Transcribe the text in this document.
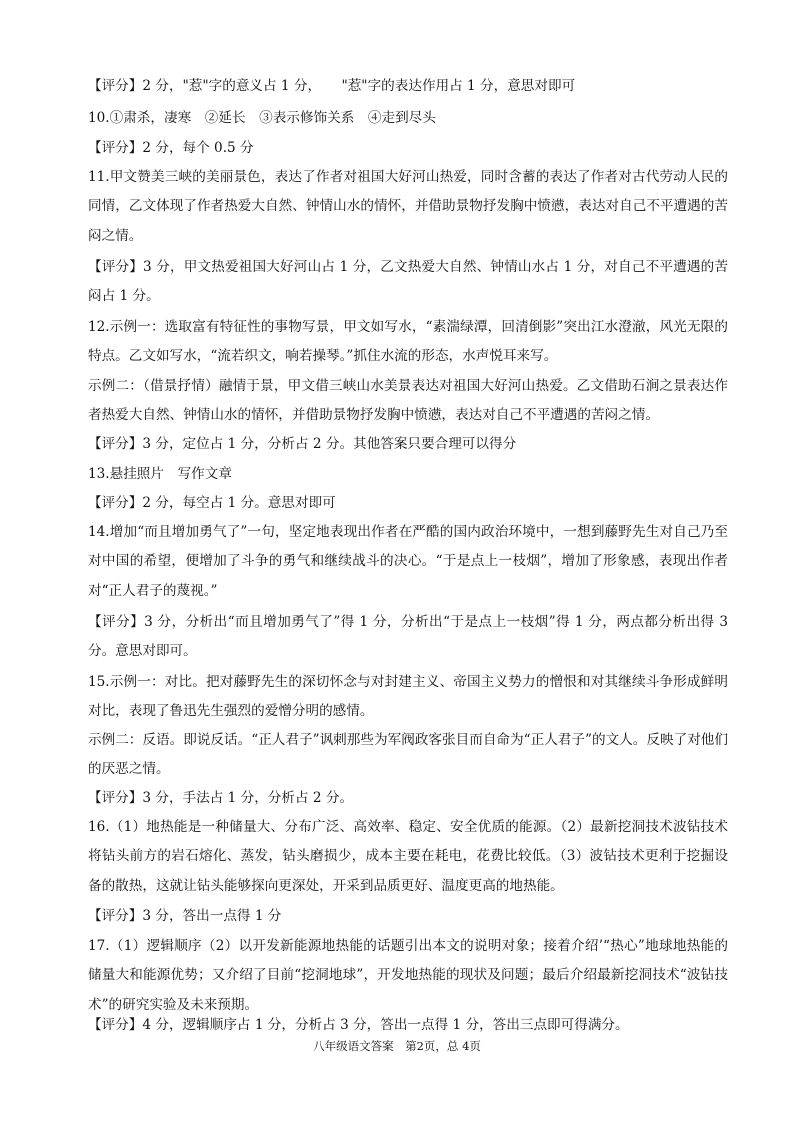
【评分】2 分，"惹"字的意义占 1 分，　　"惹"字的表达作用占 1 分，意思对即可

10.①肃杀，凄寒　②延长　③表示修饰关系　④走到尽头

【评分】2 分，每个 0.5 分

11.甲文赞美三峡的美丽景色，表达了作者对祖国大好河山热爱，同时含蓄的表达了作者对古代劳动人民的同情，乙文体现了作者热爱大自然、钟情山水的情怀，并借助景物抒发胸中愤懑，表达对自己不平遭遇的苦闷之情。

【评分】3 分，甲文热爱祖国大好河山占 1 分，乙文热爱大自然、钟情山水占 1 分，对自己不平遭遇的苦闷占 1 分。

12.示例一：选取富有特征性的事物写景，甲文如写水，“素湍绿潭，回清倒影”突出江水澄澈，风光无限的特点。乙文如写水，“流若织文，响若操琴。”抓住水流的形态，水声悦耳来写。

示例二：（借景抒情）融情于景，甲文借三峡山水美景表达对祖国大好河山热爱。乙文借助石涧之景表达作者热爱大自然、钟情山水的情怀，并借助景物抒发胸中愤懑，表达对自己不平遭遇的苦闷之情。

【评分】3 分，定位占 1 分，分析占 2 分。其他答案只要合理可以得分

13.悬挂照片　写作文章

【评分】2 分，每空占 1 分。意思对即可

14.增加“而且增加勇气了”一句，坚定地表现出作者在严酷的国内政治环境中，一想到藤野先生对自己乃至对中国的希望，便增加了斗争的勇气和继续战斗的决心。“于是点上一枝烟”，增加了形象感，表现出作者对“正人君子的蔑视。”

【评分】3 分，分析出“而且增加勇气了”得 1 分，分析出“于是点上一枝烟”得 1 分，两点都分析出得 3 分。意思对即可。

15.示例一：对比。把对藤野先生的深切怀念与对封建主义、帝国主义势力的憎恨和对其继续斗争形成鲜明对比，表现了鲁迅先生强烈的爱憎分明的感情。

示例二：反语。即说反话。“正人君子”讽刺那些为军阀政客张目而自命为“正人君子”的文人。反映了对他们的厌恶之情。

【评分】3 分，手法占 1 分，分析占 2 分。

16.（1）地热能是一种储量大、分布广泛、高效率、稳定、安全优质的能源。（2）最新挖洞技术波钻技术将钻头前方的岩石熔化、蒸发，钻头磨损少，成本主要在耗电，花费比较低。（3）波钻技术更利于挖掘设备的散热，这就让钻头能够探向更深处，开采到品质更好、温度更高的地热能。

【评分】3 分，答出一点得 1 分

17.（1）逻辑顺序（2）以开发新能源地热能的话题引出本文的说明对象；接着介绍’“热心”地球地热能的储量大和能源优势；又介绍了目前“挖洞地球”，开发地热能的现状及问题；最后介绍最新挖洞技术“波钻技术”的研究实验及未来预期。

【评分】4 分，逻辑顺序占 1 分，分析占 3 分，答出一点得 1 分，答出三点即可得满分。

八年级语文答案　第2页，总 4页
